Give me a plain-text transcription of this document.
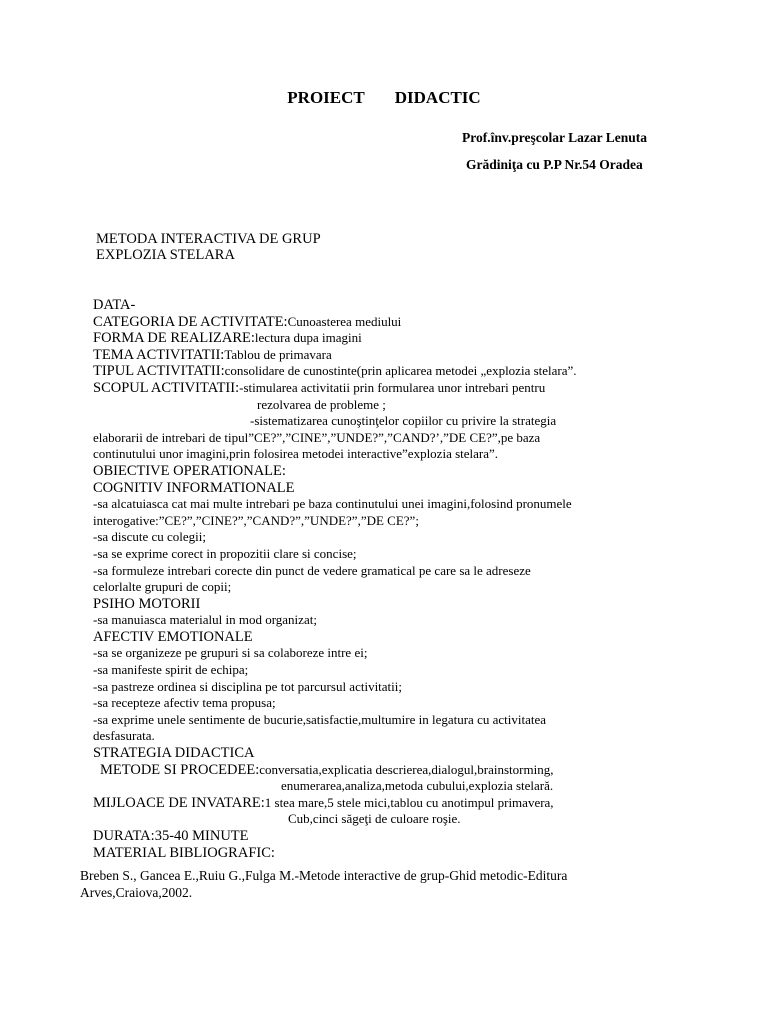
PROIECT DIDACTIC
Prof.înv.preşcolar Lazar Lenuta
Grădiniţa cu P.P Nr.54 Oradea
METODA INTERACTIVA DE GRUP
EXPLOZIA STELARA
DATA-
CATEGORIA DE ACTIVITATE:Cunoasterea mediului
FORMA DE REALIZARE:lectura dupa imagini
TEMA ACTIVITATII:Tablou de primavara
TIPUL ACTIVITATII:consolidare de cunostinte(prin aplicarea metodei „explozia stelara”.
SCOPUL ACTIVITATII:-stimularea activitatii prin formularea unor intrebari pentru
rezolvarea de probleme ;
-sistematizarea cunoştinţelor copiilor cu privire la strategia
elaborarii de intrebari de tipul”CE?”,”CINE”,”UNDE?”,”CAND?’,”DE CE?”,pe baza
continutului unor imagini,prin folosirea metodei interactive”explozia stelara”.
OBIECTIVE OPERATIONALE:
COGNITIV INFORMATIONALE
-sa alcatuiasca cat mai multe intrebari pe baza continutului unei imagini,folosind pronumele
interogative:”CE?”,”CINE?”,”CAND?”,”UNDE?”,”DE CE?”;
-sa discute cu colegii;
-sa se exprime corect in propozitii clare si concise;
-sa formuleze intrebari corecte din punct de vedere gramatical pe care sa le adreseze
celorlalte grupuri de copii;
PSIHO MOTORII
-sa manuiasca materialul in mod organizat;
AFECTIV EMOTIONALE
-sa se organizeze pe grupuri si sa colaboreze intre ei;
-sa manifeste spirit de echipa;
-sa pastreze ordinea si disciplina pe tot parcursul activitatii;
-sa recepteze afectiv tema propusa;
-sa exprime unele sentimente de bucurie,satisfactie,multumire in legatura cu activitatea
desfasurata.
STRATEGIA DIDACTICA
METODE SI PROCEDEE:conversatia,explicatia descrierea,dialogul,brainstorming,
enumerarea,analiza,metoda cubului,explozia stelară.
MIJLOACE DE INVATARE:1 stea mare,5 stele mici,tablou cu anotimpul primavera,
Cub,cinci săgeţi de culoare roşie.
DURATA:35-40 MINUTE
MATERIAL BIBLIOGRAFIC:
Breben S., Gancea E.,Ruiu G.,Fulga M.-Metode interactive de grup-Ghid metodic-Editura
Arves,Craiova,2002.
